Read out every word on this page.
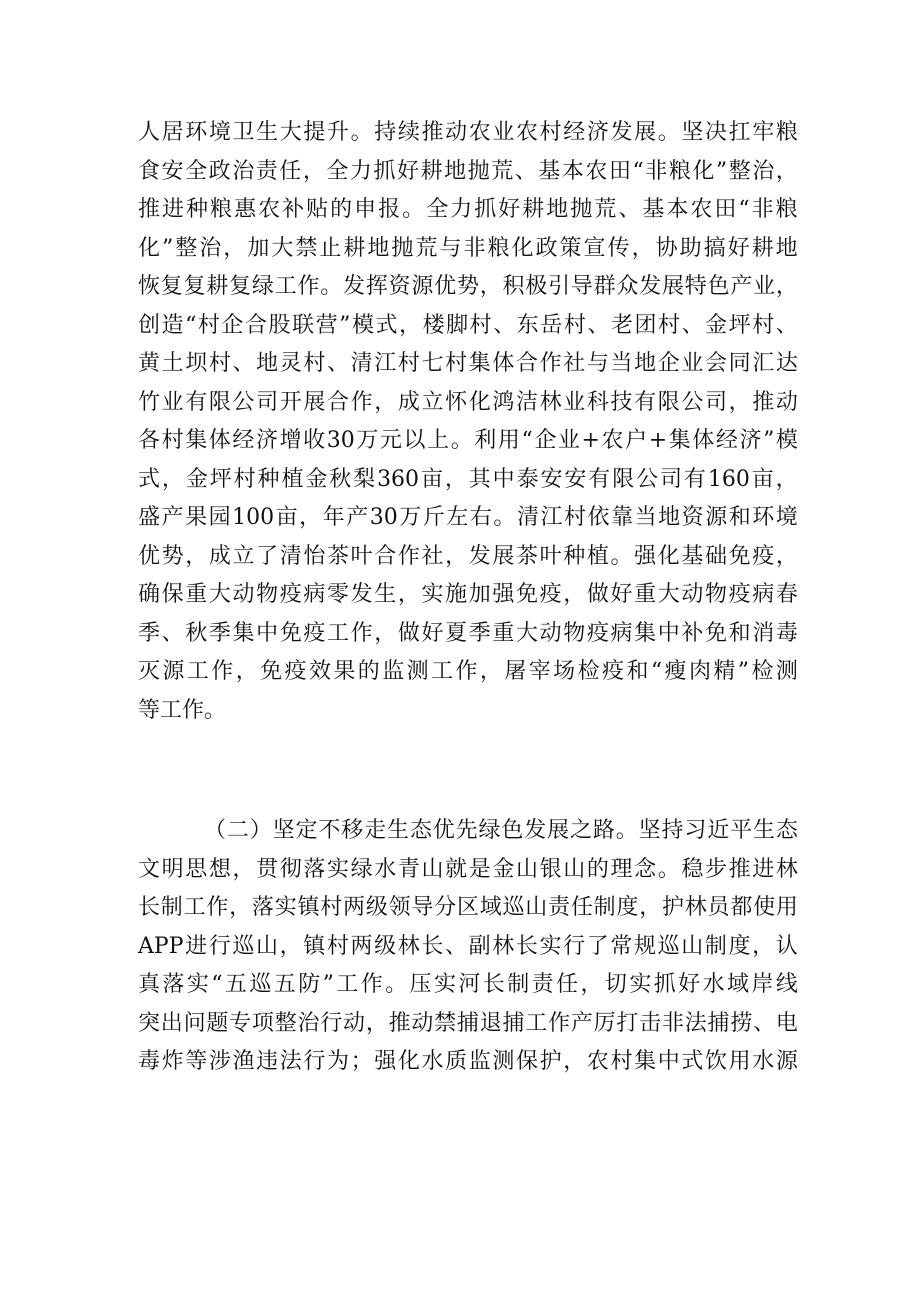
人 居 环 境 卫 生 大 提 升 。 持 续 推 动 农 业 农 村 经 济 发 展 。 坚 决 扛 牢 粮
食 安 全 政 治 责 任 ， 全 力 抓 好 耕 地 抛 荒 、 基 本 农 田 “ 非 粮 化 ” 整 治 ，
推 进 种 粮 惠 农 补 贴 的 申 报 。 全 力 抓 好 耕 地 抛 荒 、 基 本 农 田 “ 非 粮
化 ” 整 治 ， 加 大 禁 止 耕 地 抛 荒 与 非 粮 化 政 策 宣 传 ， 协 助 搞 好 耕 地
恢 复 复 耕 复 绿 工 作 。 发 挥 资 源 优 势 ， 积 极 引 导 群 众 发 展 特 色 产 业 ，
创 造 “ 村 企 合 股 联 营 ” 模 式 ， 楼 脚 村 、 东 岳 村 、 老 团 村 、 金 坪 村 、
黄 土 坝 村 、 地 灵 村 、 清 江 村 七 村 集 体 合 作 社 与 当 地 企 业 会 同 汇 达
竹 业 有 限 公 司 开 展 合 作 ， 成 立 怀 化 鸿 洁 林 业 科 技 有 限 公 司 ， 推 动
各 村 集 体 经 济 增 收 30 万 元 以 上 。 利 用 “ 企 业 + 农 户 + 集 体 经 济 ” 模
式 ， 金 坪 村 种 植 金 秋 梨 360 亩 ， 其 中 泰 安 安 有 限 公 司 有 160 亩 ，
盛 产 果 园 100 亩 ， 年 产 30 万 斤 左 右 。 清 江 村 依 靠 当 地 资 源 和 环 境
优 势 ， 成 立 了 清 怡 茶 叶 合 作 社 ， 发 展 茶 叶 种 植 。 强 化 基 础 免 疫 ，
确 保 重 大 动 物 疫 病 零 发 生 ， 实 施 加 强 免 疫 ， 做 好 重 大 动 物 疫 病 春
季 、 秋 季 集 中 免 疫 工 作 ， 做 好 夏 季 重 大 动 物 疫 病 集 中 补 免 和 消 毒
灭 源 工 作 ， 免 疫 效 果 的 监 测 工 作 ， 屠 宰 场 检 疫 和 “ 瘦 肉 精 ” 检 测
等 工 作 。
（ 二 ） 坚 定 不 移 走 生 态 优 先 绿 色 发 展 之 路 。 坚 持 习 近 平 生 态
文 明 思 想 ， 贯 彻 落 实 绿 水 青 山 就 是 金 山 银 山 的 理 念 。 稳 步 推 进 林
长 制 工 作 ， 落 实 镇 村 两 级 领 导 分 区 域 巡 山 责 任 制 度 ， 护 林 员 都 使 用
APP 进 行 巡 山 ， 镇 村 两 级 林 长 、 副 林 长 实 行 了 常 规 巡 山 制 度 ， 认
真 落 实 “ 五 巡 五 防 ” 工 作 。 压 实 河 长 制 责 任 ， 切 实 抓 好 水 域 岸 线
突 出 问 题 专 项 整 治 行 动 ， 推 动 禁 捕 退 捕 工 作 产 厉 打 击 非 法 捕 捞 、 电
毒 炸 等 涉 渔 违 法 行 为 ； 强 化 水 质 监 测 保 护 ， 农 村 集 中 式 饮 用 水 源
